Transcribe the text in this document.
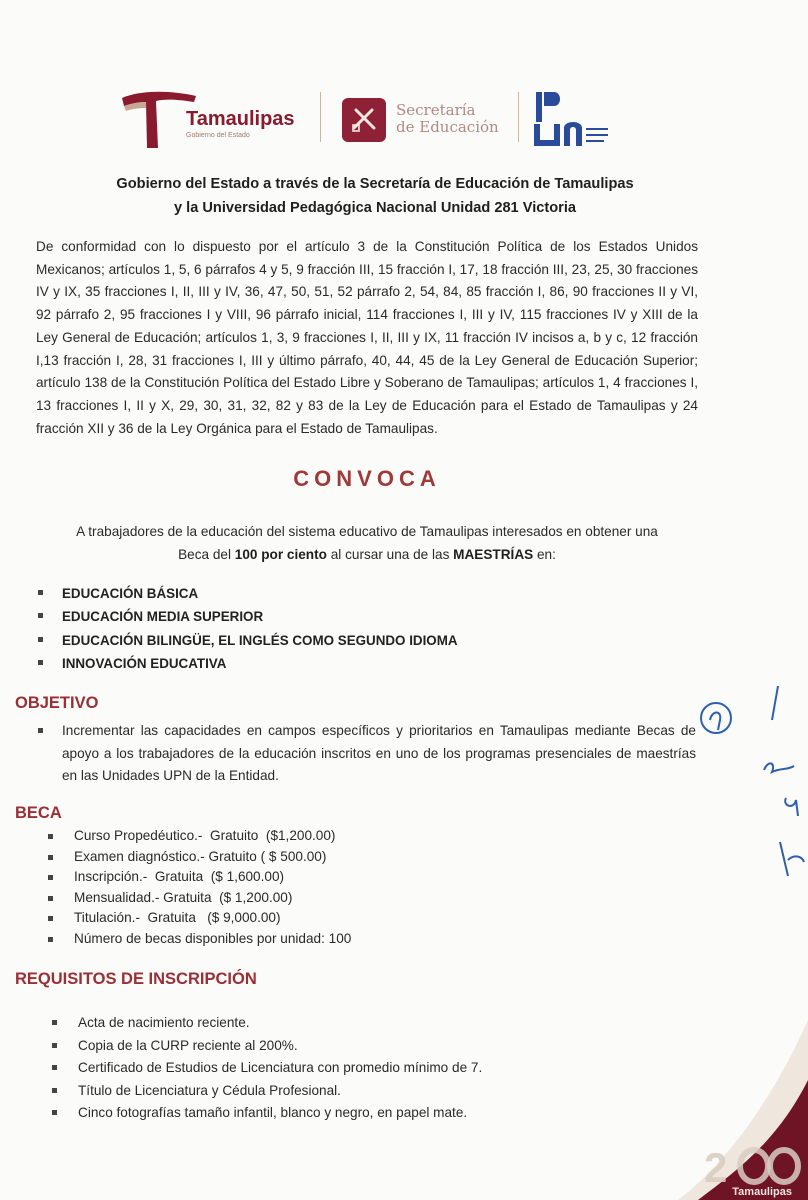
Tamaulipas
Gobierno del Estado
Secretaría
de Educación
Gobierno del Estado a través de la Secretaría de Educación de Tamaulipas
y la Universidad Pedagógica Nacional Unidad 281 Victoria
De conformidad con lo dispuesto por el artículo 3 de la Constitución Política de los Estados Unidos Mexicanos; artículos 1, 5, 6 párrafos 4 y 5, 9 fracción III, 15 fracción I, 17, 18 fracción III, 23, 25, 30 fracciones IV y IX, 35 fracciones I, II, III y IV, 36, 47, 50, 51, 52 párrafo 2, 54, 84, 85 fracción I, 86, 90 fracciones II y VI, 92 párrafo 2, 95 fracciones I y VIII, 96 párrafo inicial, 114 fracciones I, III y IV, 115 fracciones IV y XIII de la Ley General de Educación; artículos 1, 3, 9 fracciones I, II, III y IX, 11 fracción IV incisos a, b y c, 12 fracción I,13 fracción I, 28, 31 fracciones I, III y último párrafo, 40, 44, 45 de la Ley General de Educación Superior; artículo 138 de la Constitución Política del Estado Libre y Soberano de Tamaulipas; artículos 1, 4 fracciones I, 13 fracciones I, II y X, 29, 30, 31, 32, 82 y 83 de la Ley de Educación para el Estado de Tamaulipas y 24 fracción XII y 36 de la Ley Orgánica para el Estado de Tamaulipas.
CONVOCA
A trabajadores de la educación del sistema educativo de Tamaulipas interesados en obtener una
Beca del 100 por ciento al cursar una de las MAESTRÍAS en:
EDUCACIÓN BÁSICA
EDUCACIÓN MEDIA SUPERIOR
EDUCACIÓN BILINGÜE, EL INGLÉS COMO SEGUNDO IDIOMA
INNOVACIÓN EDUCATIVA
OBJETIVO
Incrementar las capacidades en campos específicos y prioritarios en Tamaulipas mediante Becas de apoyo a los trabajadores de la educación inscritos en uno de los programas presenciales de maestrías en las Unidades UPN de la Entidad.
BECA
Curso Propedéutico.-  Gratuito  ($1,200.00)
Examen diagnóstico.- Gratuito ( $ 500.00)
Inscripción.-  Gratuita  ($ 1,600.00)
Mensualidad.- Gratuita  ($ 1,200.00)
Titulación.-  Gratuita   ($ 9,000.00)
Número de becas disponibles por unidad: 100
REQUISITOS DE INSCRIPCIÓN
Acta de nacimiento reciente.
Copia de la CURP reciente al 200%.
Certificado de Estudios de Licenciatura con promedio mínimo de 7.
Título de Licenciatura y Cédula Profesional.
Cinco fotografías tamaño infantil, blanco y negro, en papel mate.
2
Tamaulipas
